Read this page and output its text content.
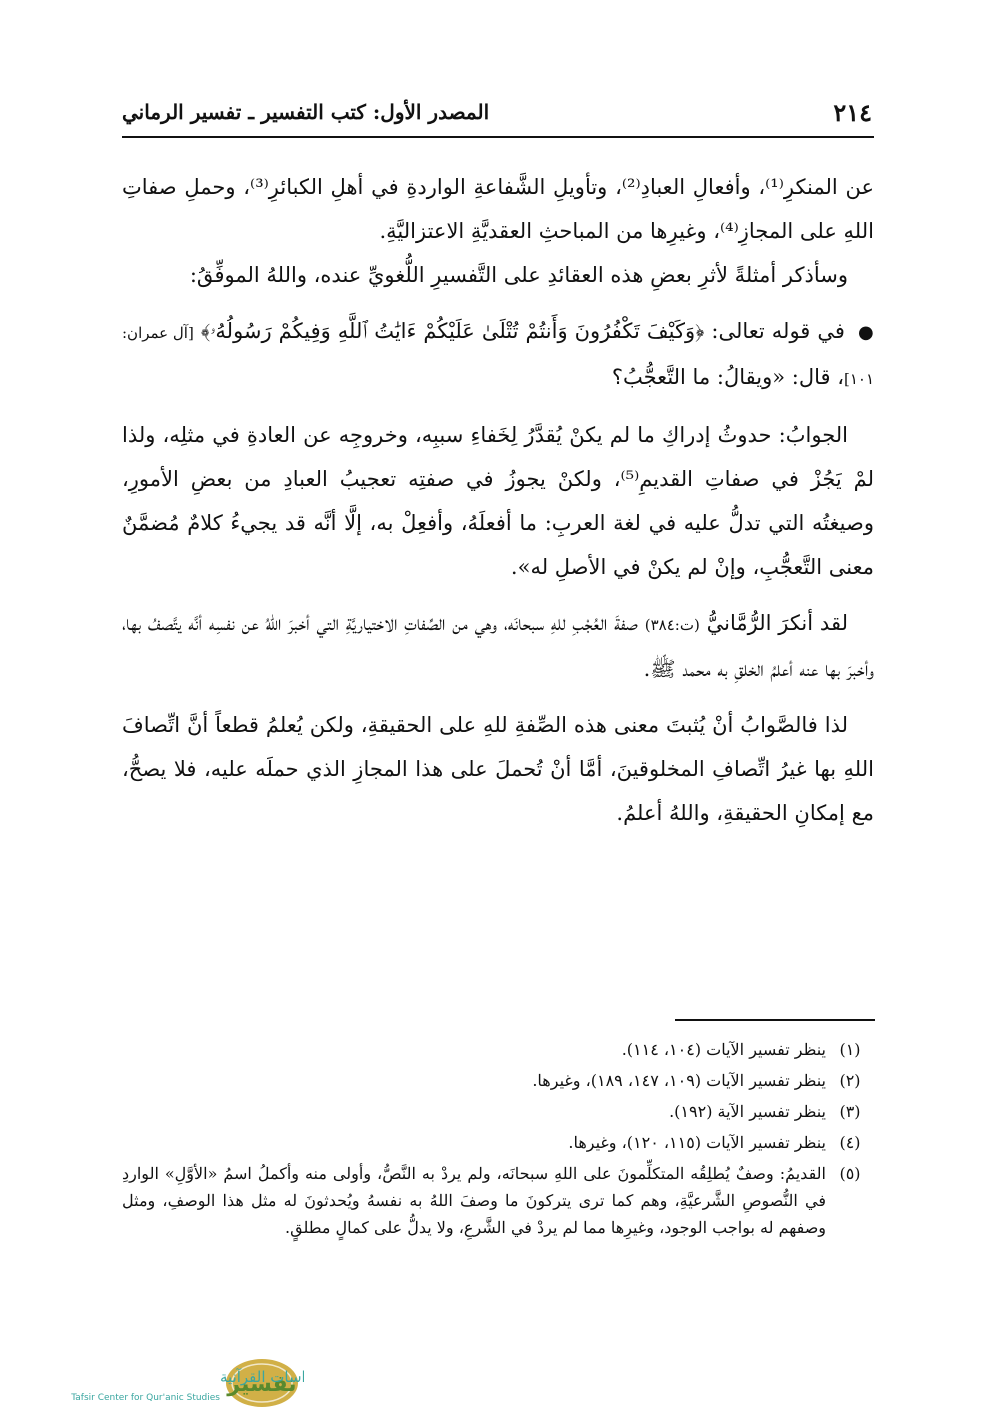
٢١٤
المصدر الأول: كتب التفسير ـ تفسير الرماني

عن المنكرِ⁽¹⁾، وأفعالِ العبادِ⁽²⁾، وتأويلِ الشَّفاعةِ الواردةِ في أهلِ الكبائرِ⁽³⁾، وحملِ صفاتِ اللهِ على المجازِ⁽⁴⁾، وغيرِها من المباحثِ العقديَّةِ الاعتزاليَّةِ.

وسأذكر أمثلةً لأثرِ بعضِ هذه العقائدِ على التَّفسيرِ اللُّغويِّ عنده، واللهُ الموفِّقُ:

● في قوله تعالى: ﴿وَكَيْفَ تَكْفُرُونَ وَأَنتُمْ تُتْلَىٰ عَلَيْكُمْ ءَايَٰتُ ٱللَّهِ وَفِيكُمْ رَسُولُهُۥ﴾ [آل عمران: ١٠١]، قال: «ويقالُ: ما التَّعجُّبُ؟

الجوابُ: حدوثُ إدراكِ ما لم يكنْ يُقدَّرُ لِخَفاءِ سببِه، وخروجِه عن العادةِ في مثلِه، ولذا لمْ يَجُزْ في صفاتِ القديمِ⁽⁵⁾، ولكنْ يجوزُ في صفتِه تعجيبُ العبادِ من بعضِ الأمورِ، وصيغتُه التي تدلُّ عليه في لغة العربِ: ما أفعلَهُ، وأفعِلْ به، إلَّا أنَّه قد يجيءُ كلامٌ مُضمَّنٌ معنى التَّعجُّبِ، وإنْ لم يكنْ في الأصلِ له».

لقد أنكرَ الرُّمَّانيُّ (ت:٣٨٤) صفةَ العُجْبِ للهِ سبحانَه، وهي من الصِّفاتِ الاختياريَّةِ التي أخبرَ اللهُ عن نفسِه أنَّه يتَّصفُ بها، وأخبرَ بها عنه أعلمُ الخلقِ به محمد ﷺ.

لذا فالصَّوابُ أنْ يُثبتَ معنى هذه الصِّفةِ للهِ على الحقيقةِ، ولكن يُعلمُ قطعاً أنَّ اتِّصافَ اللهِ بها غيرُ اتِّصافِ المخلوقينَ، أمَّا أنْ تُحملَ على هذا المجازِ الذي حملَه عليه، فلا يصحُّ، مع إمكانِ الحقيقةِ، واللهُ أعلمُ.

(١)
ينظر تفسير الآيات (١٠٤، ١١٤).
(٢)
ينظر تفسير الآيات (١٠٩، ١٤٧، ١٨٩)، وغيرها.
(٣)
ينظر تفسير الآية (١٩٢).
(٤)
ينظر تفسير الآيات (١١٥، ١٢٠)، وغيرها.
(٥)
القديمُ: وصفٌ يُطلِقُه المتكلِّمونَ على اللهِ سبحانَه، ولم يردْ به النَّصُّ، وأولى منه وأكملُ اسمُ «الأوَّلِ» الواردِ في النُّصوصِ الشَّرعيَّةِ، وهم كما ترى يتركونَ ما وصفَ اللهُ به نفسهُ ويُحدثونَ له مثل هذا الوصفِ، ومثل وصفهم له بواجب الوجود، وغيرِها مما لم يردْ في الشَّرعِ، ولا يدلُّ على كمالٍ مطلقٍ.
تفسير اسات القرآنية
Tafsir Center for Qur'anic Studies
